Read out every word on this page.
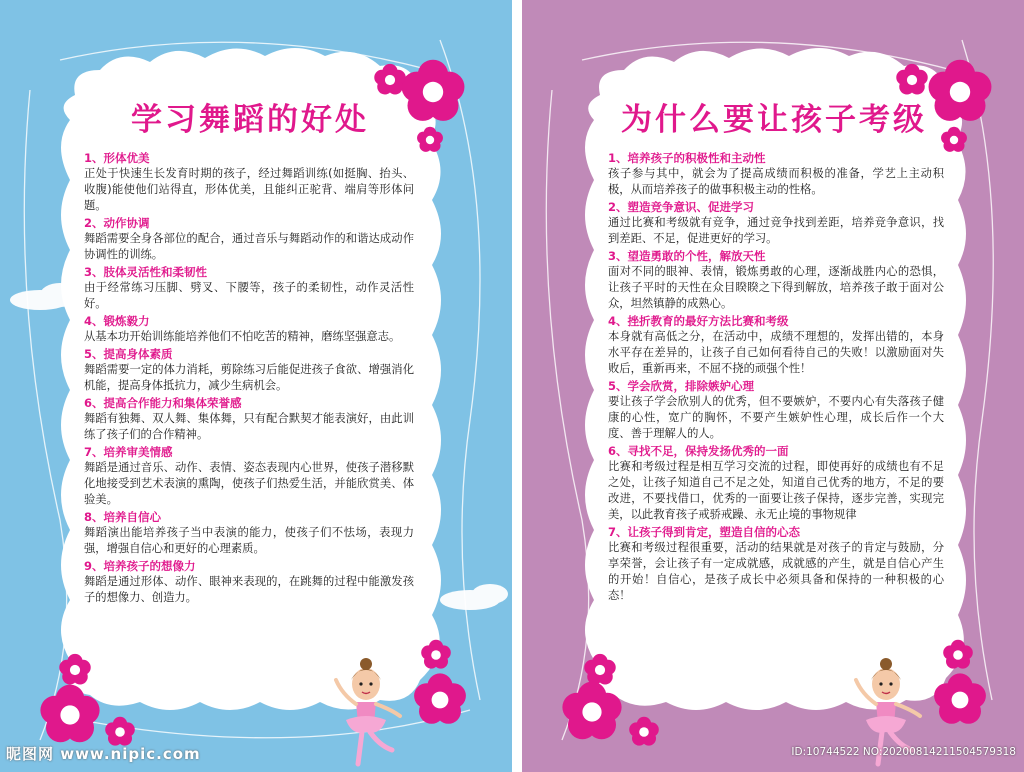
学习舞蹈的好处

1、形体优美

正处于快速生长发育时期的孩子，经过舞蹈训练(如挺胸、抬头、收腹)能使他们站得直，形体优美，且能纠正驼背、端肩等形体问题。

2、动作协调

舞蹈需要全身各部位的配合，通过音乐与舞蹈动作的和谐达成动作协调性的训练。

3、肢体灵活性和柔韧性

由于经常练习压脚、劈叉、下腰等，孩子的柔韧性，动作灵活性好。

4、锻炼毅力

从基本功开始训练能培养他们不怕吃苦的精神，磨练坚强意志。

5、提高身体素质

舞蹈需要一定的体力消耗，剪除练习后能促进孩子食欲、增强消化机能，提高身体抵抗力，减少生病机会。

6、提高合作能力和集体荣誉感

舞蹈有独舞、双人舞、集体舞，只有配合默契才能表演好，由此训练了孩子们的合作精神。

7、培养审美情感

舞蹈是通过音乐、动作、表情、姿态表现内心世界，使孩子潜移默化地接受到艺术表演的熏陶，使孩子们热爱生活，并能欣赏美、体验美。

8、培养自信心

舞蹈演出能培养孩子当中表演的能力，使孩子们不怯场，表现力强，增强自信心和更好的心理素质。

9、培养孩子的想像力

舞蹈是通过形体、动作、眼神来表现的，在跳舞的过程中能激发孩子的想像力、创造力。

昵图网 www.nipic.com
为什么要让孩子考级

1、培养孩子的积极性和主动性

孩子参与其中，就会为了提高成绩而积极的准备，学艺上主动积极，从而培养孩子的做事积极主动的性格。

2、塑造竞争意识、促进学习

通过比赛和考级就有竞争，通过竞争找到差距，培养竞争意识，找到差距、不足，促进更好的学习。

3、望造勇敢的个性，解放天性

面对不同的眼神、表情，锻炼勇敢的心理，逐渐战胜内心的恐惧，让孩子平时的天性在众目睽睽之下得到解放，培养孩子敢于面对公众，坦然镇静的成熟心。

4、挫折教育的最好方法比赛和考级

本身就有高低之分，在活动中，成绩不理想的，发挥出错的，本身水平存在差异的，让孩子自己如何看待自己的失败！以激励面对失败后，重新再来，不屈不挠的顽强个性！

5、学会欣赏，排除嫉妒心理

要让孩子学会欣别人的优秀，但不要嫉妒，不要内心有失落孩子健康的心性，宽广的胸怀，不要产生嫉妒性心理，成长后作一个大度、善于理解人的人。

6、寻找不足，保持发扬优秀的一面

比赛和考级过程是相互学习交流的过程，即使再好的成绩也有不足之处，让孩子知道自己不足之处，知道自己优秀的地方，不足的要改进，不要找借口，优秀的一面要让孩子保持，逐步完善，实现完美，以此教育孩子戒骄戒躁、永无止境的事物规律

7、让孩子得到肯定，塑造自信的心态

比赛和考级过程很重要，活动的结果就是对孩子的肯定与鼓励，分享荣誉，会让孩子有一定成就感，成就感的产生，就是自信心产生的开始！自信心，是孩子成长中必须具备和保持的一种积极的心态！

ID:10744522 NO:20200814211504579318
